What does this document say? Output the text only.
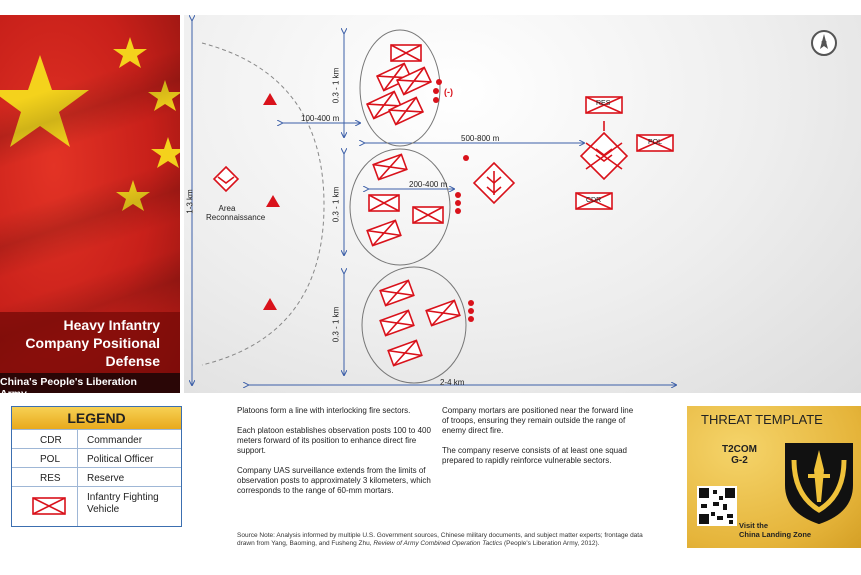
Heavy Infantry Company Positional Defense
China's People's Liberation Army
N
Area Reconnaissance
100-400 m
200-400 m
500-800 m
2-4 km
1-3 km
0.3 - 1 km
0.3 - 1 km
0.3 - 1 km
(-)
RES
POL
CDR
LEGEND
CDR	Commander
POL	Political Officer
RES	Reserve
Infantry Fighting Vehicle
Platoons form a line with interlocking fire sectors.
Each platoon establishes observation posts 100 to 400 meters forward of its position to enhance direct fire support.
Company UAS surveillance extends from the limits of observation posts to approximately 3 kilometers, which corresponds to the range of 60-mm mortars.
Company mortars are positioned near the forward line of troops, ensuring they remain outside the range of enemy direct fire.
The company reserve consists of at least one squad prepared to rapidly reinforce vulnerable sectors.
Source Note: Analysis informed by multiple U.S. Government sources, Chinese military documents, and subject matter experts; frontage data drawn from Yang, Baoming, and Fusheng Zhu, Review of Army Combined Operation Tactics (People's Liberation Army, 2012).
THREAT TEMPLATE
T2COM
G-2
Visit the
China Landing Zone
